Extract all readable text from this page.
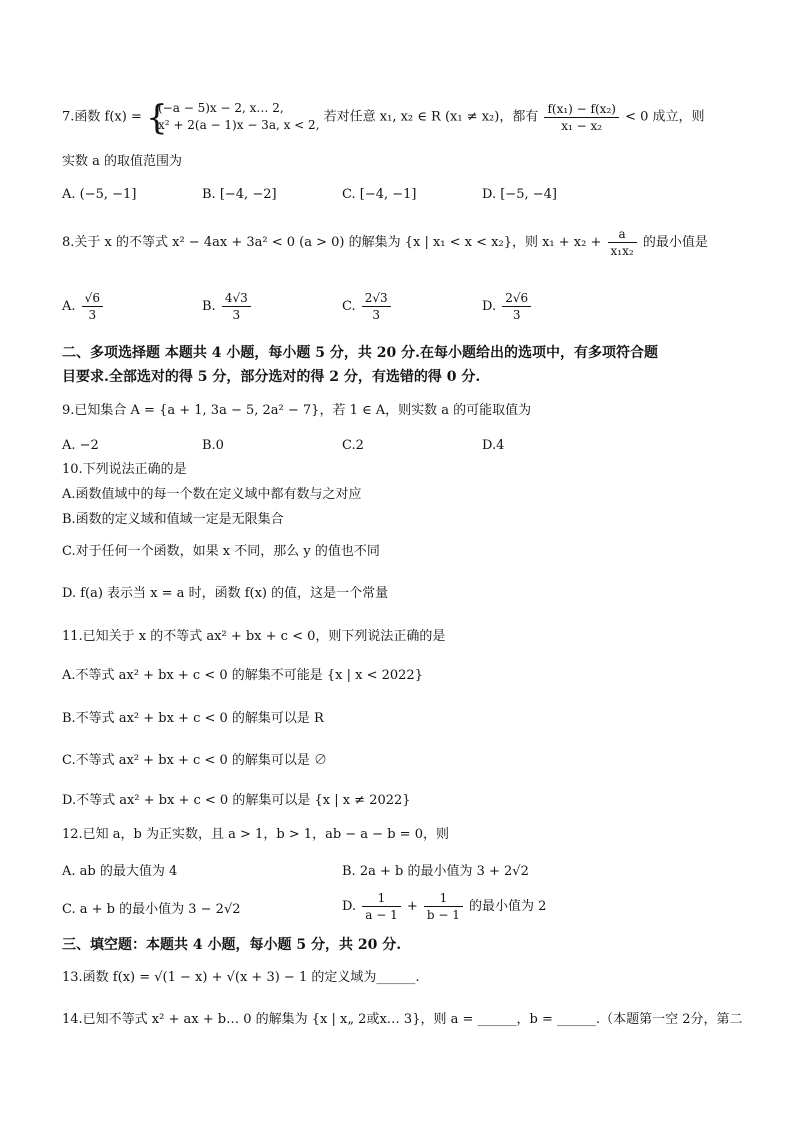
7.函数 f(x) = {
(−a − 5)x − 2, x… 2,
x² + 2(a − 1)x − 3a, x < 2,
若对任意 x₁, x₂ ∈ R (x₁ ≠ x₂)，都有 $\frac{\text{f(x₁) − f(x₂)}}{\text{x₁ − x₂}} < 0$ 成立，则
实数 a 的取值范围为
A. (−5, −1]	B. [−4, −2]	C. [−4, −1]	D. [−5, −4]
8.关于 x 的不等式 x² − 4ax + 3a² < 0 (a > 0) 的解集为 {x | x₁ < x < x₂}，则 $x_1 + x_2 + \frac{a}{\text{x₁x₂}}$ 的最小值是
A. $\frac{√6}{3}$	B. $\frac{4√3}{3}$	C. $\frac{2√3}{3}$	D. $\frac{2√6}{3}$
二、多项选择题 本题共 4 小题，每小题 5 分，共 20 分.在每小题给出的选项中，有多项符合题
目要求.全部选对的得 5 分，部分选对的得 2 分，有选错的得 0 分.
9.已知集合 A = {a + 1, 3a − 5, 2a² − 7}，若 1 ∈ A，则实数 a 的可能取值为
A. −2	B.0	C.2	D.4
10.下列说法正确的是
A.函数值域中的每一个数在定义域中都有数与之对应
B.函数的定义域和值域一定是无限集合
C.对于任何一个函数，如果 x 不同，那么 y 的值也不同
D. f(a) 表示当 x = a 时，函数 f(x) 的值，这是一个常量
11.已知关于 x 的不等式 ax² + bx + c < 0，则下列说法正确的是
A.不等式 ax² + bx + c < 0 的解集不可能是 {x | x < 2022}
B.不等式 ax² + bx + c < 0 的解集可以是 R
C.不等式 ax² + bx + c < 0 的解集可以是 ∅
D.不等式 ax² + bx + c < 0 的解集可以是 {x | x ≠ 2022}
12.已知 a，b 为正实数，且 a > 1，b > 1，ab − a − b = 0，则
A. ab 的最大值为 4	B. 2a + b 的最小值为 3 + 2√2
C. a + b 的最小值为 3 − 2√2	D. $\frac{1}{a - 1} + \frac{1}{b - 1}$ 的最小值为 2
三、填空题：本题共 4 小题，每小题 5 分，共 20 分.
13.函数 f(x) = √(1 − x) + √(x + 3) − 1 的定义域为______.
14.已知不等式 x² + ax + b… 0 的解集为 {x | x„ 2或x… 3}，则 a = ______，b = ______.（本题第一空 2分，第二
